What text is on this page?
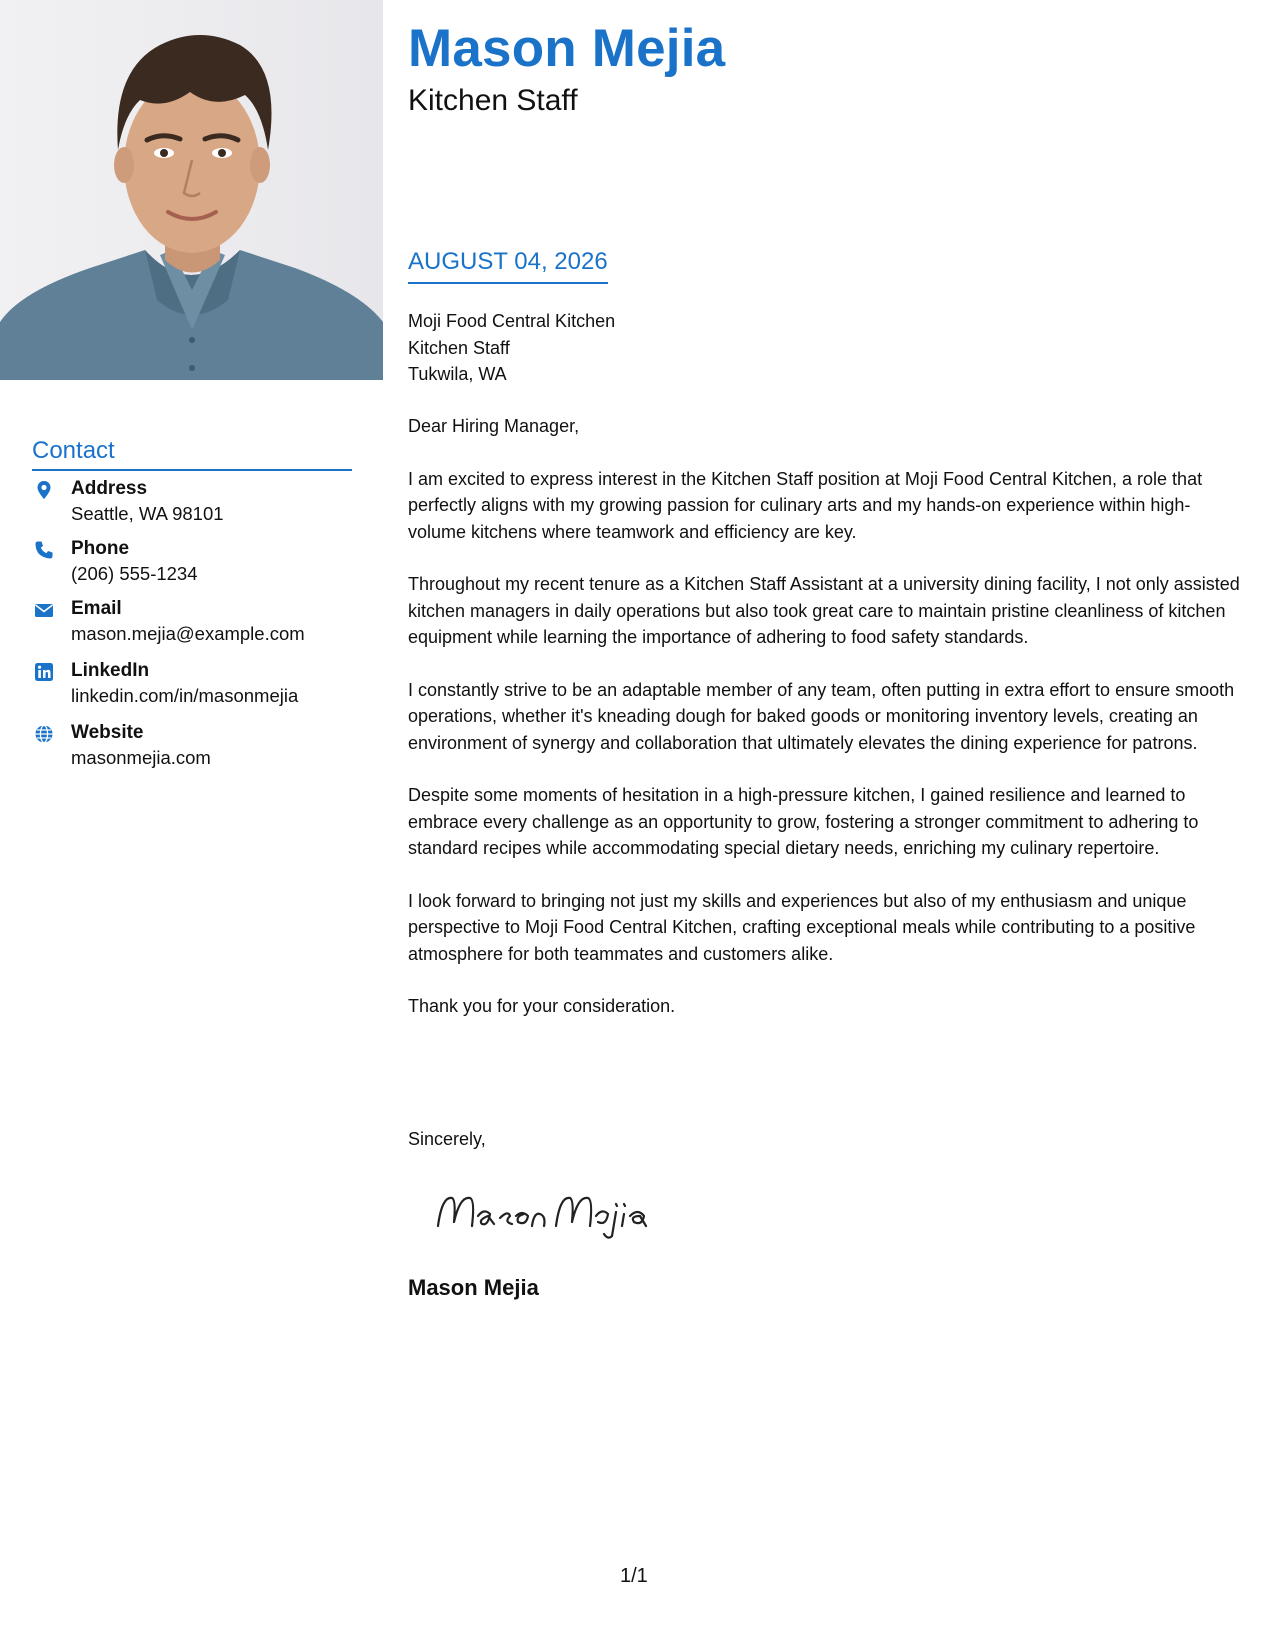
Mason Mejia
Kitchen Staff
AUGUST 04, 2026
Moji Food Central Kitchen
Kitchen Staff
Tukwila, WA

Dear Hiring Manager,

I am excited to express interest in the Kitchen Staff position at Moji Food Central Kitchen, a role that perfectly aligns with my growing passion for culinary arts and my hands-on experience within high-volume kitchens where teamwork and efficiency are key.

Throughout my recent tenure as a Kitchen Staff Assistant at a university dining facility, I not only assisted kitchen managers in daily operations but also took great care to maintain pristine cleanliness of kitchen equipment while learning the importance of adhering to food safety standards.

I constantly strive to be an adaptable member of any team, often putting in extra effort to ensure smooth operations, whether it's kneading dough for baked goods or monitoring inventory levels, creating an environment of synergy and collaboration that ultimately elevates the dining experience for patrons.

Despite some moments of hesitation in a high-pressure kitchen, I gained resilience and learned to embrace every challenge as an opportunity to grow, fostering a stronger commitment to adhering to standard recipes while accommodating special dietary needs, enriching my culinary repertoire.

I look forward to bringing not just my skills and experiences but also of my enthusiasm and unique perspective to Moji Food Central Kitchen, crafting exceptional meals while contributing to a positive atmosphere for both teammates and customers alike.

Thank you for your consideration.

Sincerely,
Mason Mejia
Contact
Address
Seattle, WA 98101
Phone
(206) 555-1234
Email
mason.mejia@example.com
LinkedIn
linkedin.com/in/masonmejia
Website
masonmejia.com
1/1
